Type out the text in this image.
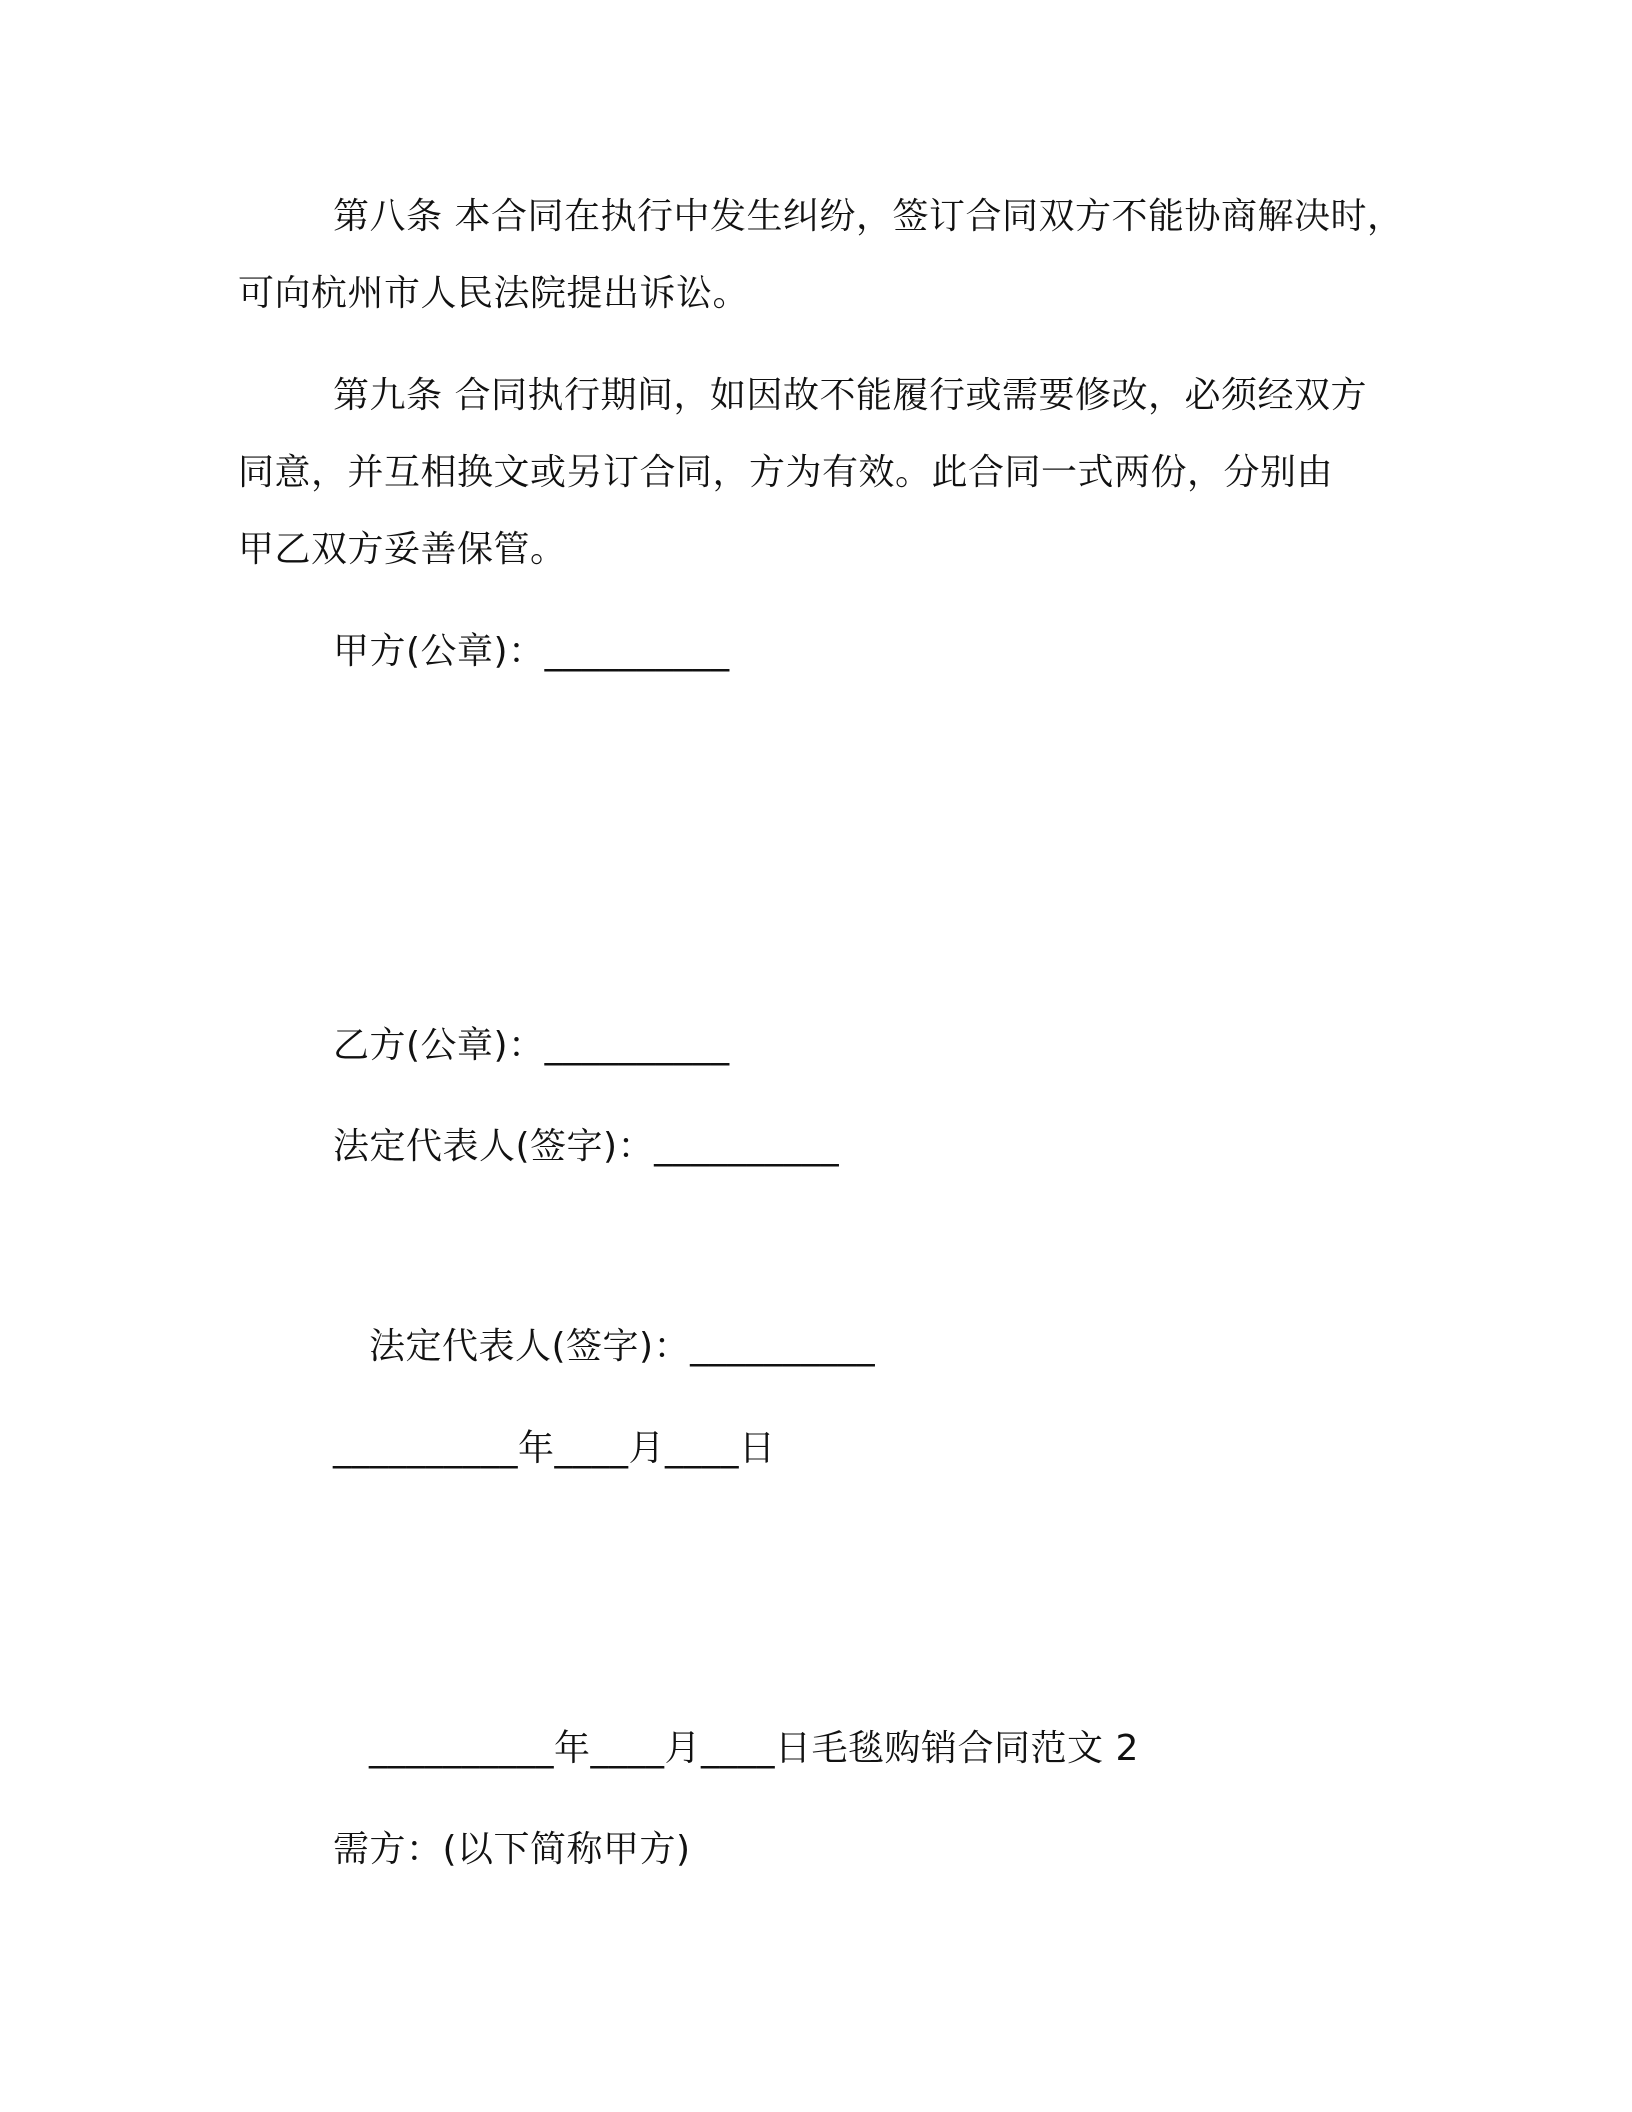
第八条 本合同在执行中发生纠纷，签订合同双方不能协商解决时，
可向杭州市人民法院提出诉讼。
第九条 合同执行期间，如因故不能履行或需要修改，必须经双方
同意，并互相换文或另订合同，方为有效。此合同一式两份，分别由
甲乙双方妥善保管。
甲方(公章)：__________
乙方(公章)：__________
法定代表人(签字)：__________
法定代表人(签字)：__________
__________年____月____日
__________年____月____日毛毯购销合同范文 2
需方：(以下简称甲方)
